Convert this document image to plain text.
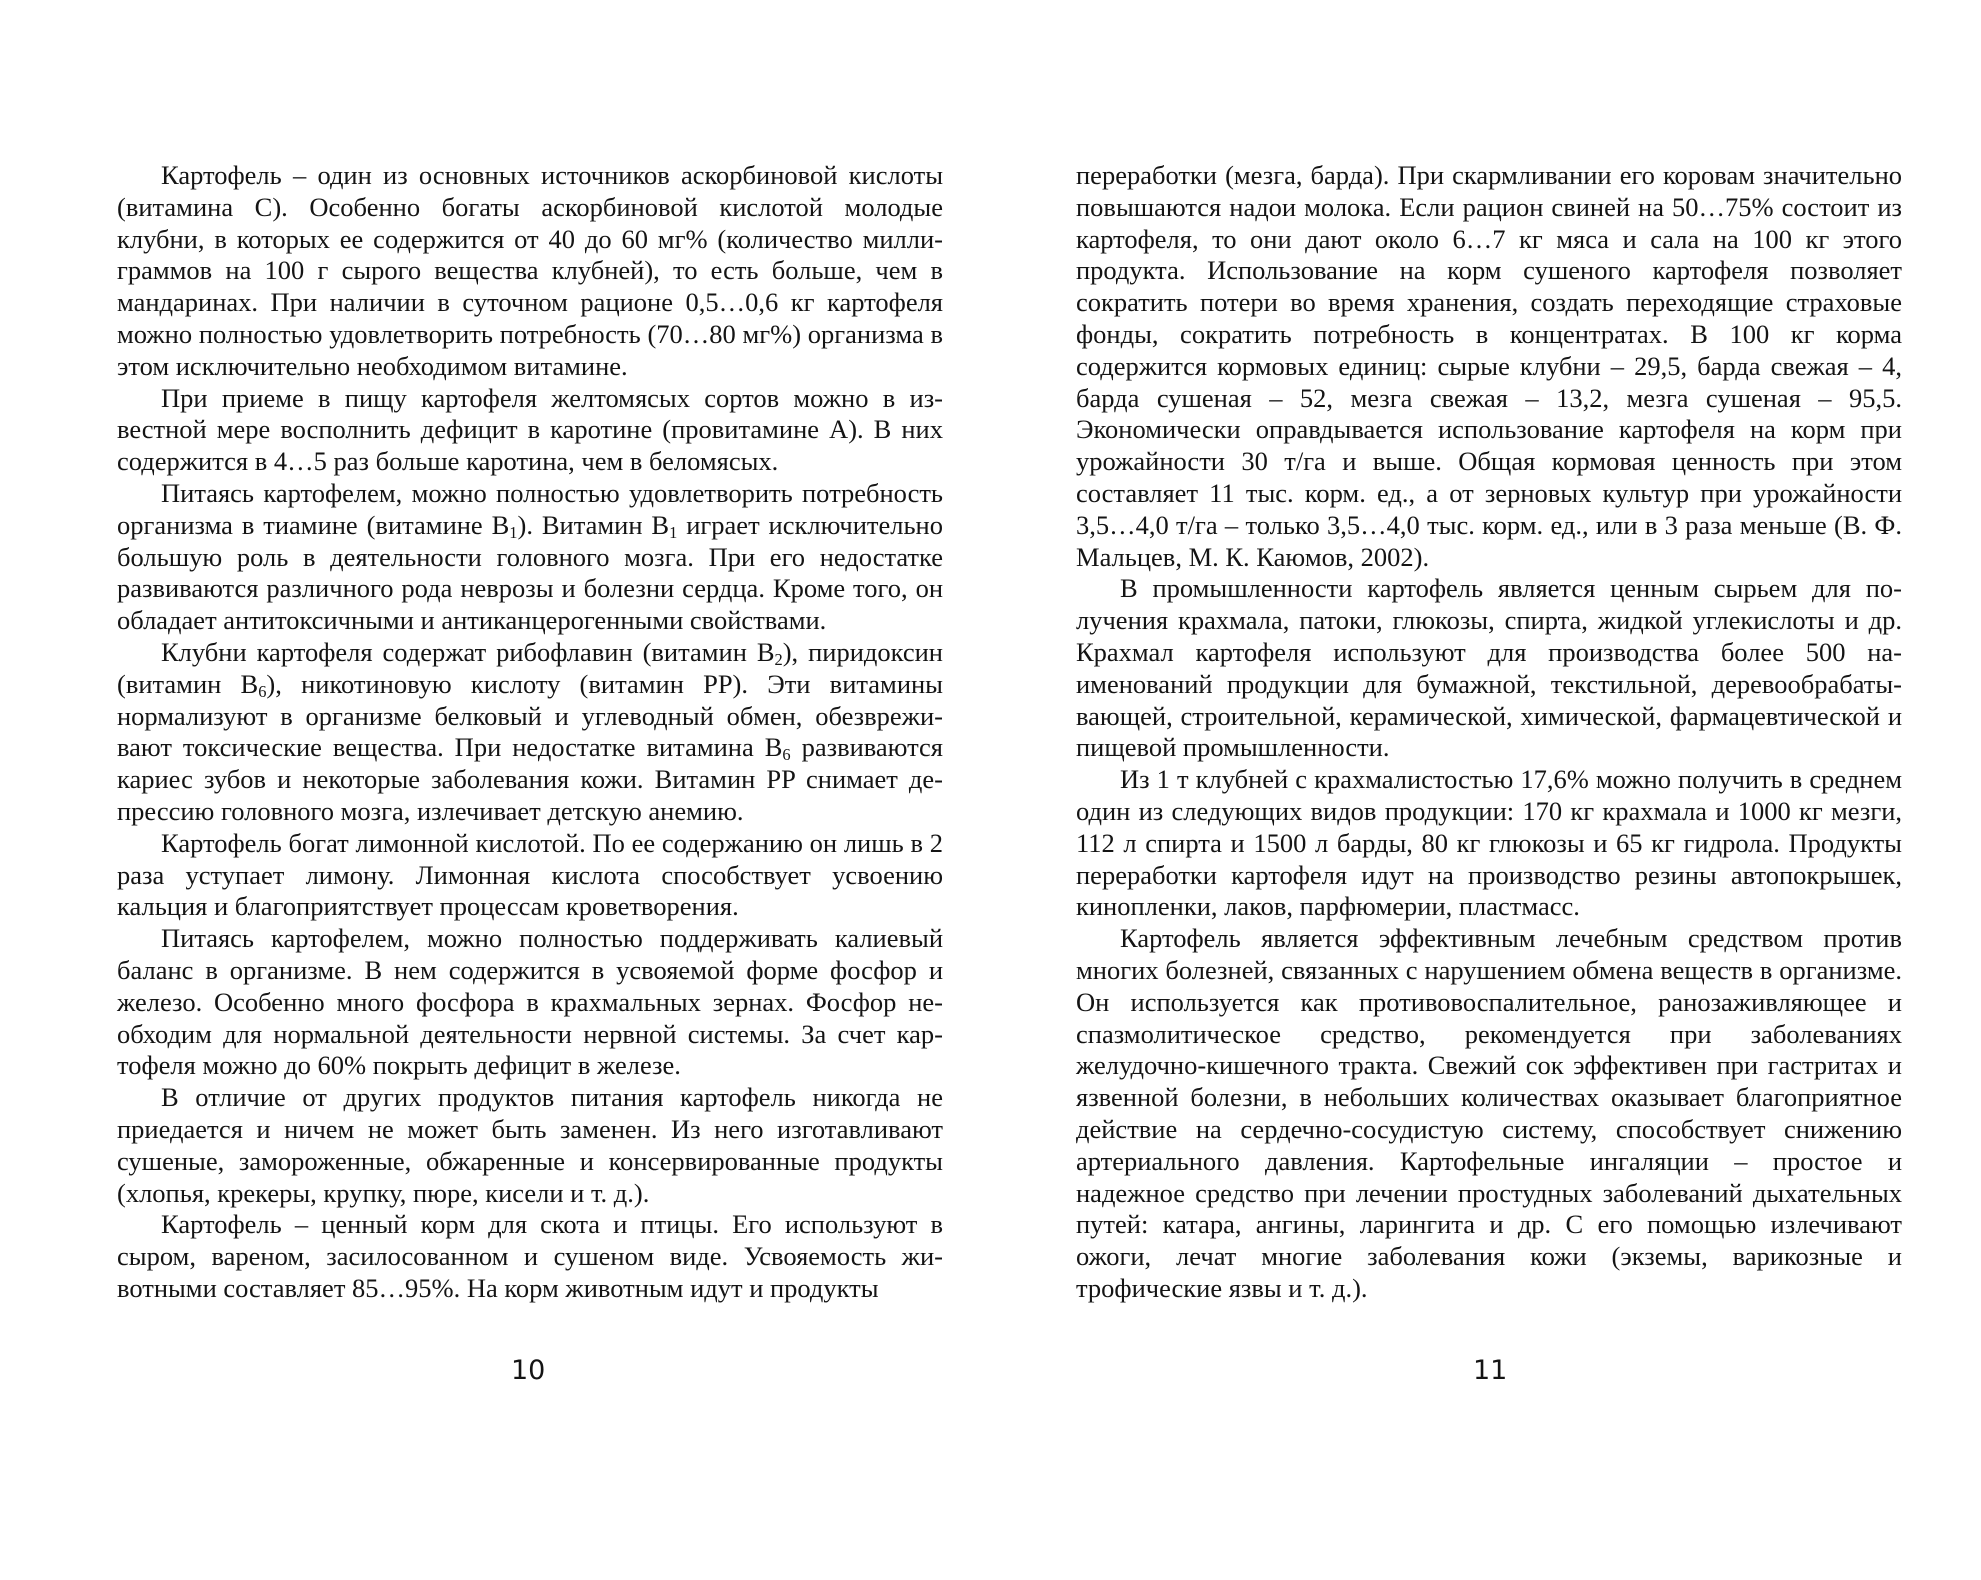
Картофель – один из основных источников аскорбиновой кислоты (витамина С). Особенно богаты аскорбиновой кислотой молодые клубни, в которых ее содержится от 40 до 60 мг% (количество миллиграммов на 100 г сырого вещества клубней), то есть больше, чем в мандаринах. При наличии в суточном рационе 0,5…0,6 кг картофеля можно полностью удовлетворить потребность (70…80 мг%) организма в этом исключительно необходимом витамине.

При приеме в пищу картофеля желтомясых сортов можно в известной мере восполнить дефицит в каротине (провитамине А). В них содержится в 4…5 раз больше каротина, чем в беломясых.

Питаясь картофелем, можно полностью удовлетворить потребность организма в тиамине (витамине $B_1$). Витамин $B_1$ играет исключительно большую роль в деятельности головного мозга. При его недостатке развиваются различного рода неврозы и болезни сердца. Кроме того, он обладает антитоксичными и антиканцерогенными свойствами.

Клубни картофеля содержат рибофлавин (витамин $B_2$), пиридоксин (витамин $B_6$), никотиновую кислоту (витамин PP). Эти витамины нормализуют в организме белковый и углеводный обмен, обезвреживают токсические вещества. При недостатке витамина $B_6$ развиваются кариес зубов и некоторые заболевания кожи. Витамин PP снимает депрессию головного мозга, излечивает детскую анемию.

Картофель богат лимонной кислотой. По ее содержанию он лишь в 2 раза уступает лимону. Лимонная кислота способствует усвоению кальция и благоприятствует процессам кроветворения.

Питаясь картофелем, можно полностью поддерживать калиевый баланс в организме. В нем содержится в усвояемой форме фосфор и железо. Особенно много фосфора в крахмальных зернах. Фосфор необходим для нормальной деятельности нервной системы. За счет картофеля можно до 60% покрыть дефицит в железе.

В отличие от других продуктов питания картофель никогда не приедается и ничем не может быть заменен. Из него изготавливают сушеные, замороженные, обжаренные и консервированные продукты (хлопья, крекеры, крупку, пюре, кисели и т. д.).

Картофель – ценный корм для скота и птицы. Его используют в сыром, вареном, засилосованном и сушеном виде. Усвояемость животными составляет 85…95%. На корм животным идут и продукты

10

переработки (мезга, барда). При скармливании его коровам значительно повышаются надои молока. Если рацион свиней на 50…75% состоит из картофеля, то они дают около 6…7 кг мяса и сала на 100 кг этого продукта. Использование на корм сушеного картофеля позволяет сократить потери во время хранения, создать переходящие страховые фонды, сократить потребность в концентратах. В 100 кг корма содержится кормовых единиц: сырые клубни – 29,5, барда свежая – 4, барда сушеная – 52, мезга свежая – 13,2, мезга сушеная – 95,5. Экономически оправдывается использование картофеля на корм при урожайности 30 т/га и выше. Общая кормовая ценность при этом составляет 11 тыс. корм. ед., а от зерновых культур при урожайности 3,5…4,0 т/га – только 3,5…4,0 тыс. корм. ед., или в 3 раза меньше (В. Ф. Мальцев, М. К. Каюмов, 2002).

В промышленности картофель является ценным сырьем для получения крахмала, патоки, глюкозы, спирта, жидкой углекислоты и др. Крахмал картофеля используют для производства более 500 наименований продукции для бумажной, текстильной, деревообрабатывающей, строительной, керамической, химической, фармацевтической и пищевой промышленности.

Из 1 т клубней с крахмалистостью 17,6% можно получить в среднем один из следующих видов продукции: 170 кг крахмала и 1000 кг мезги, 112 л спирта и 1500 л барды, 80 кг глюкозы и 65 кг гидрола. Продукты переработки картофеля идут на производство резины автопокрышек, кинопленки, лаков, парфюмерии, пластмасс.

Картофель является эффективным лечебным средством против многих болезней, связанных с нарушением обмена веществ в организме. Он используется как противовоспалительное, ранозаживляющее и спазмолитическое средство, рекомендуется при заболеваниях желудочно-кишечного тракта. Свежий сок эффективен при гастритах и язвенной болезни, в небольших количествах оказывает благоприятное действие на сердечно-сосудистую систему, способствует снижению артериального давления. Картофельные ингаляции – простое и надежное средство при лечении простудных заболеваний дыхательных путей: катара, ангины, ларингита и др. С его помощью излечивают ожоги, лечат многие заболевания кожи (экземы, варикозные и трофические язвы и т. д.).

11
